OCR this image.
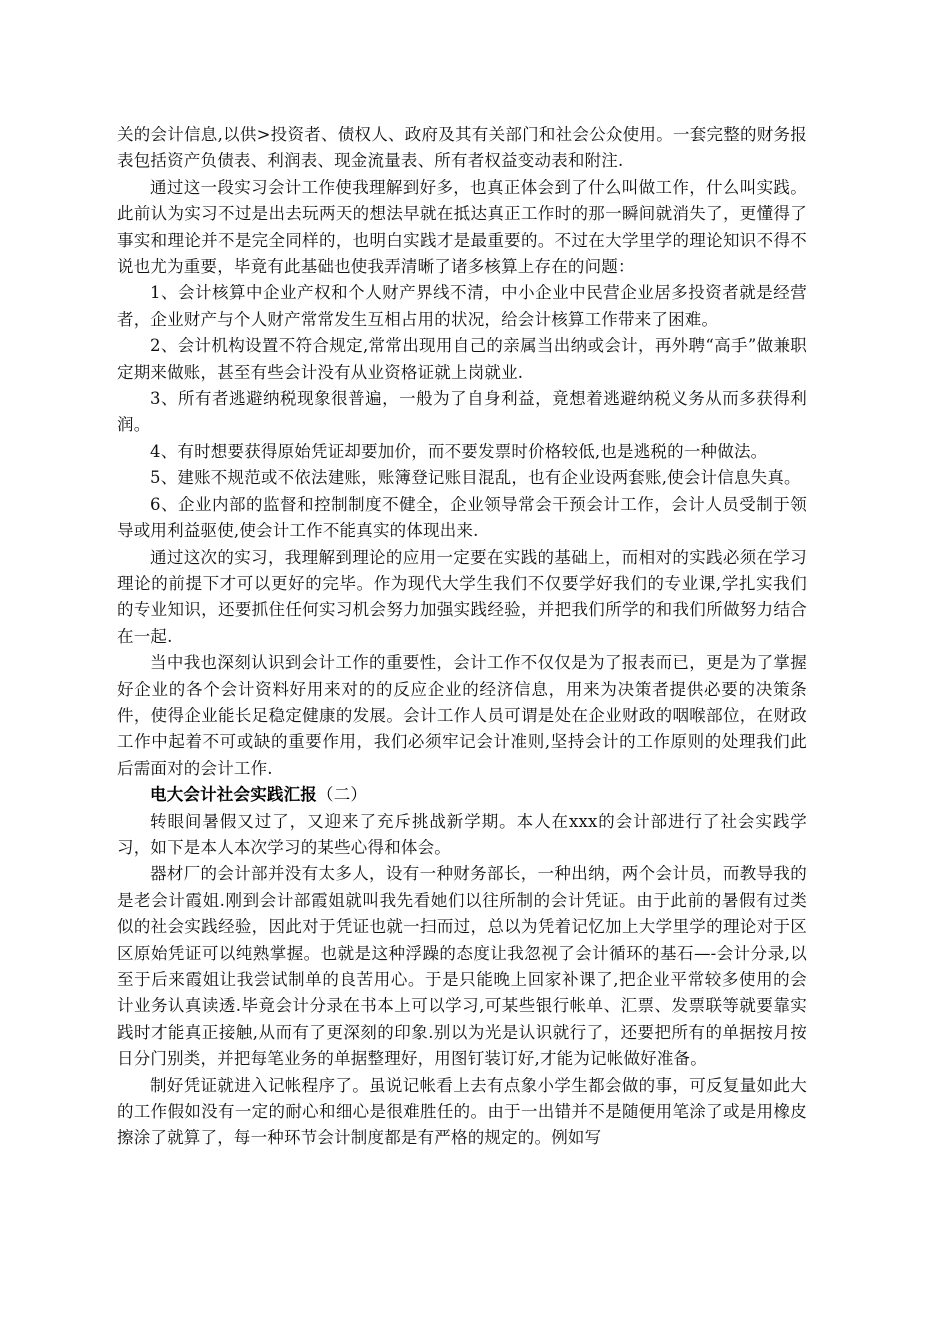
关的会计信息,以供>投资者、债权人、政府及其有关部门和社会公众使用。一套完整的财务报表包括资产负债表、利润表、现金流量表、所有者权益变动表和附注.

通过这一段实习会计工作使我理解到好多，也真正体会到了什么叫做工作，什么叫实践。此前认为实习不过是出去玩两天的想法早就在抵达真正工作时的那一瞬间就消失了，更懂得了事实和理论并不是完全同样的，也明白实践才是最重要的。不过在大学里学的理论知识不得不说也尤为重要，毕竟有此基础也使我弄清晰了诸多核算上存在的问题：

1、会计核算中企业产权和个人财产界线不清，中小企业中民营企业居多投资者就是经营者，企业财产与个人财产常常发生互相占用的状况，给会计核算工作带来了困难。

2、会计机构设置不符合规定,常常出现用自己的亲属当出纳或会计，再外聘“高手”做兼职定期来做账，甚至有些会计没有从业资格证就上岗就业.

3、所有者逃避纳税现象很普遍，一般为了自身利益，竟想着逃避纳税义务从而多获得利润。

4、有时想要获得原始凭证却要加价，而不要发票时价格较低,也是逃税的一种做法。

5、建账不规范或不依法建账，账簿登记账目混乱，也有企业设两套账,使会计信息失真。

6、企业内部的监督和控制制度不健全，企业领导常会干预会计工作，会计人员受制于领导或用利益驱使,使会计工作不能真实的体现出来.

通过这次的实习，我理解到理论的应用一定要在实践的基础上，而相对的实践必须在学习理论的前提下才可以更好的完毕。作为现代大学生我们不仅要学好我们的专业课,学扎实我们的专业知识，还要抓住任何实习机会努力加强实践经验，并把我们所学的和我们所做努力结合在一起.

当中我也深刻认识到会计工作的重要性，会计工作不仅仅是为了报表而已，更是为了掌握好企业的各个会计资料好用来对的的反应企业的经济信息，用来为决策者提供必要的决策条件，使得企业能长足稳定健康的发展。会计工作人员可谓是处在企业财政的咽喉部位，在财政工作中起着不可或缺的重要作用，我们必须牢记会计准则,坚持会计的工作原则的处理我们此后需面对的会计工作.

电大会计社会实践汇报（二）

转眼间暑假又过了，又迎来了充斥挑战新学期。本人在xxx的会计部进行了社会实践学习，如下是本人本次学习的某些心得和体会。

器材厂的会计部并没有太多人，设有一种财务部长，一种出纳，两个会计员，而教导我的是老会计霞姐.刚到会计部霞姐就叫我先看她们以往所制的会计凭证。由于此前的暑假有过类似的社会实践经验，因此对于凭证也就一扫而过，总以为凭着记忆加上大学里学的理论对于区区原始凭证可以纯熟掌握。也就是这种浮躁的态度让我忽视了会计循环的基石—-会计分录,以至于后来霞姐让我尝试制单的良苦用心。于是只能晚上回家补课了,把企业平常较多使用的会计业务认真读透.毕竟会计分录在书本上可以学习,可某些银行帐单、汇票、发票联等就要靠实践时才能真正接触,从而有了更深刻的印象.别以为光是认识就行了，还要把所有的单据按月按日分门别类，并把每笔业务的单据整理好，用图钉装订好,才能为记帐做好准备。

制好凭证就进入记帐程序了。虽说记帐看上去有点象小学生都会做的事，可反复量如此大的工作假如没有一定的耐心和细心是很难胜任的。由于一出错并不是随便用笔涂了或是用橡皮擦涂了就算了，每一种环节会计制度都是有严格的规定的。例如写
